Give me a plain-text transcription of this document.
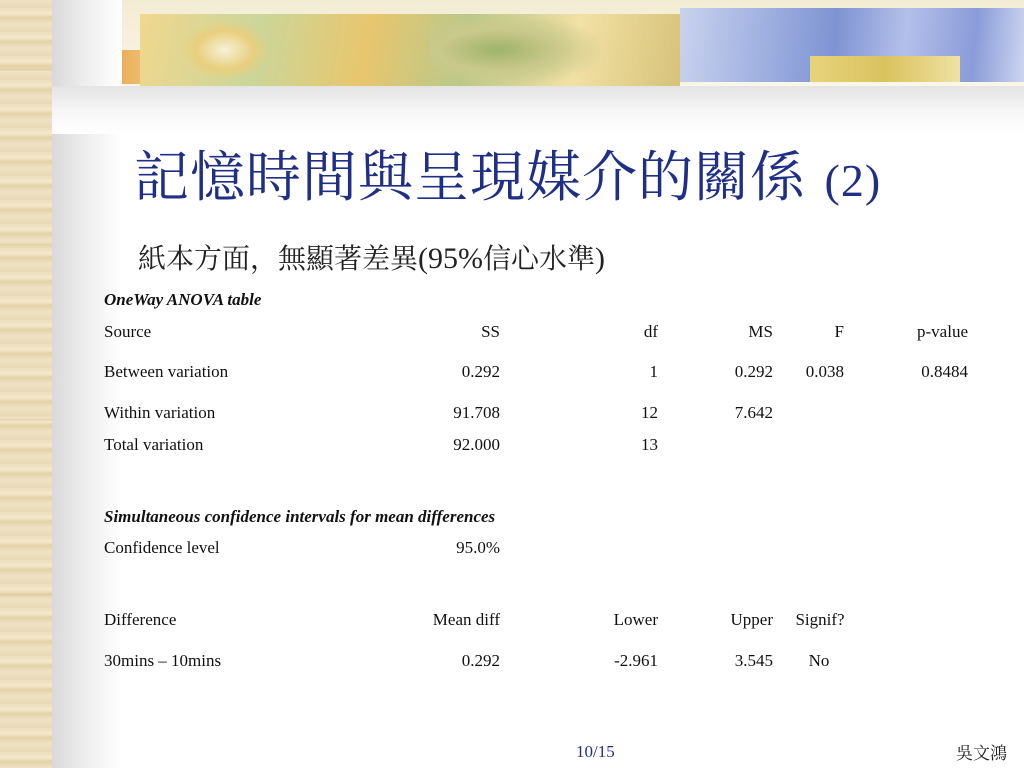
記憶時間與呈現媒介的關係 (2)
紙本方面，無顯著差異(95%信心水準)
OneWay ANOVA table
Source	SS	df	MS	F	p-value
Between variation	0.292	1	0.292	0.038	0.8484
Within variation	91.708	12	7.642
Total variation	92.000	13
Simultaneous confidence intervals for mean differences
Confidence level	95.0%
Difference	Mean diff	Lower	Upper	Signif?
30mins – 10mins	0.292	-2.961	3.545	No
10/15	吳文鴻
